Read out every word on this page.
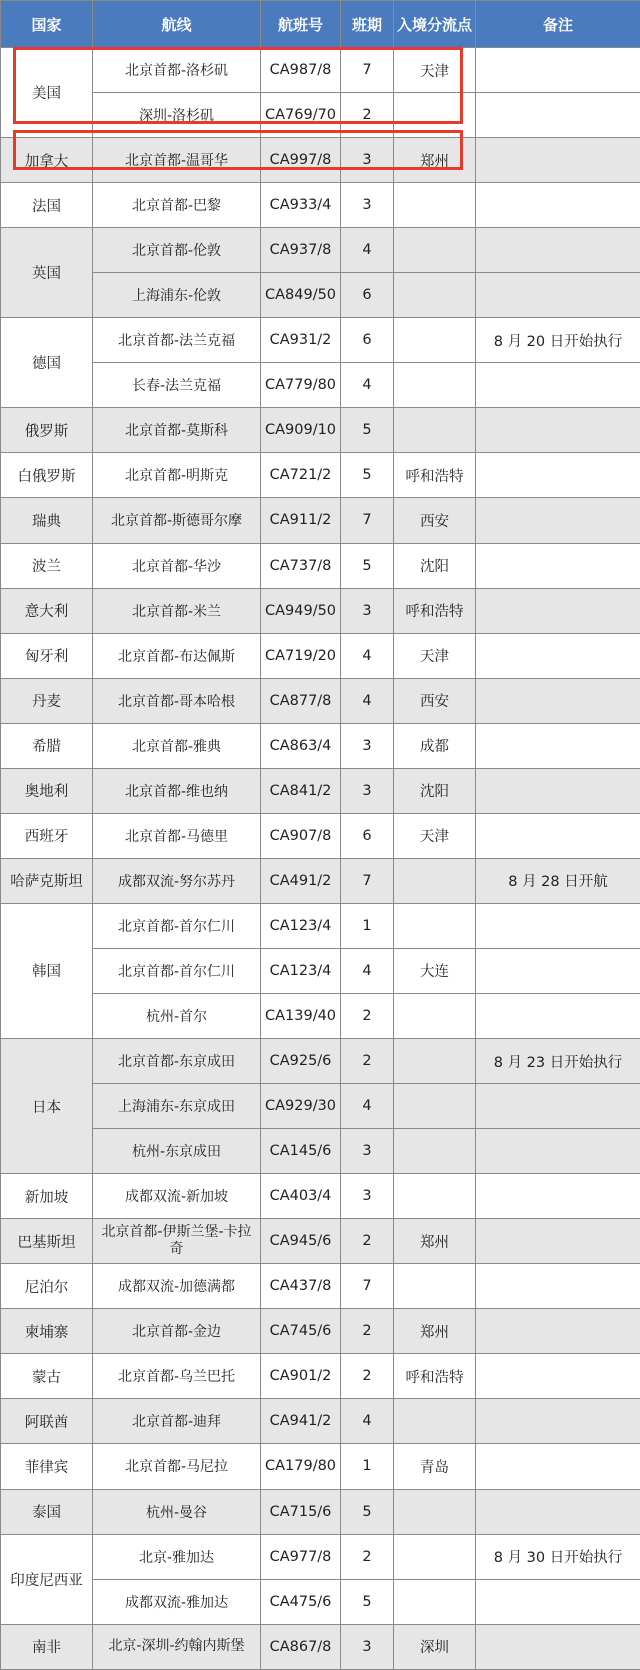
国家	航线	航班号	班期	入境分流点	备注
美国	北京首都-洛杉矶	CA987/8	7	天津	
	深圳-洛杉矶	CA769/70	2		
加拿大	北京首都-温哥华	CA997/8	3	郑州	
法国	北京首都-巴黎	CA933/4	3		
英国	北京首都-伦敦	CA937/8	4		
	上海浦东-伦敦	CA849/50	6		
德国	北京首都-法兰克福	CA931/2	6		8 月 20 日开始执行
	长春-法兰克福	CA779/80	4		
俄罗斯	北京首都-莫斯科	CA909/10	5		
白俄罗斯	北京首都-明斯克	CA721/2	5	呼和浩特	
瑞典	北京首都-斯德哥尔摩	CA911/2	7	西安	
波兰	北京首都-华沙	CA737/8	5	沈阳	
意大利	北京首都-米兰	CA949/50	3	呼和浩特	
匈牙利	北京首都-布达佩斯	CA719/20	4	天津	
丹麦	北京首都-哥本哈根	CA877/8	4	西安	
希腊	北京首都-雅典	CA863/4	3	成都	
奥地利	北京首都-维也纳	CA841/2	3	沈阳	
西班牙	北京首都-马德里	CA907/8	6	天津	
哈萨克斯坦	成都双流-努尔苏丹	CA491/2	7		8 月 28 日开航
韩国	北京首都-首尔仁川	CA123/4	1		
	北京首都-首尔仁川	CA123/4	4	大连	
	杭州-首尔	CA139/40	2		
日本	北京首都-东京成田	CA925/6	2		8 月 23 日开始执行
	上海浦东-东京成田	CA929/30	4		
	杭州-东京成田	CA145/6	3		
新加坡	成都双流-新加坡	CA403/4	3		
巴基斯坦	北京首都-伊斯兰堡-卡拉奇	CA945/6	2	郑州	
尼泊尔	成都双流-加德满都	CA437/8	7		
柬埔寨	北京首都-金边	CA745/6	2	郑州	
蒙古	北京首都-乌兰巴托	CA901/2	2	呼和浩特	
阿联酋	北京首都-迪拜	CA941/2	4		
菲律宾	北京首都-马尼拉	CA179/80	1	青岛	
泰国	杭州-曼谷	CA715/6	5		
印度尼西亚	北京-雅加达	CA977/8	2		8 月 30 日开始执行
	成都双流-雅加达	CA475/6	5		
南非	北京-深圳-约翰内斯堡	CA867/8	3	深圳	
